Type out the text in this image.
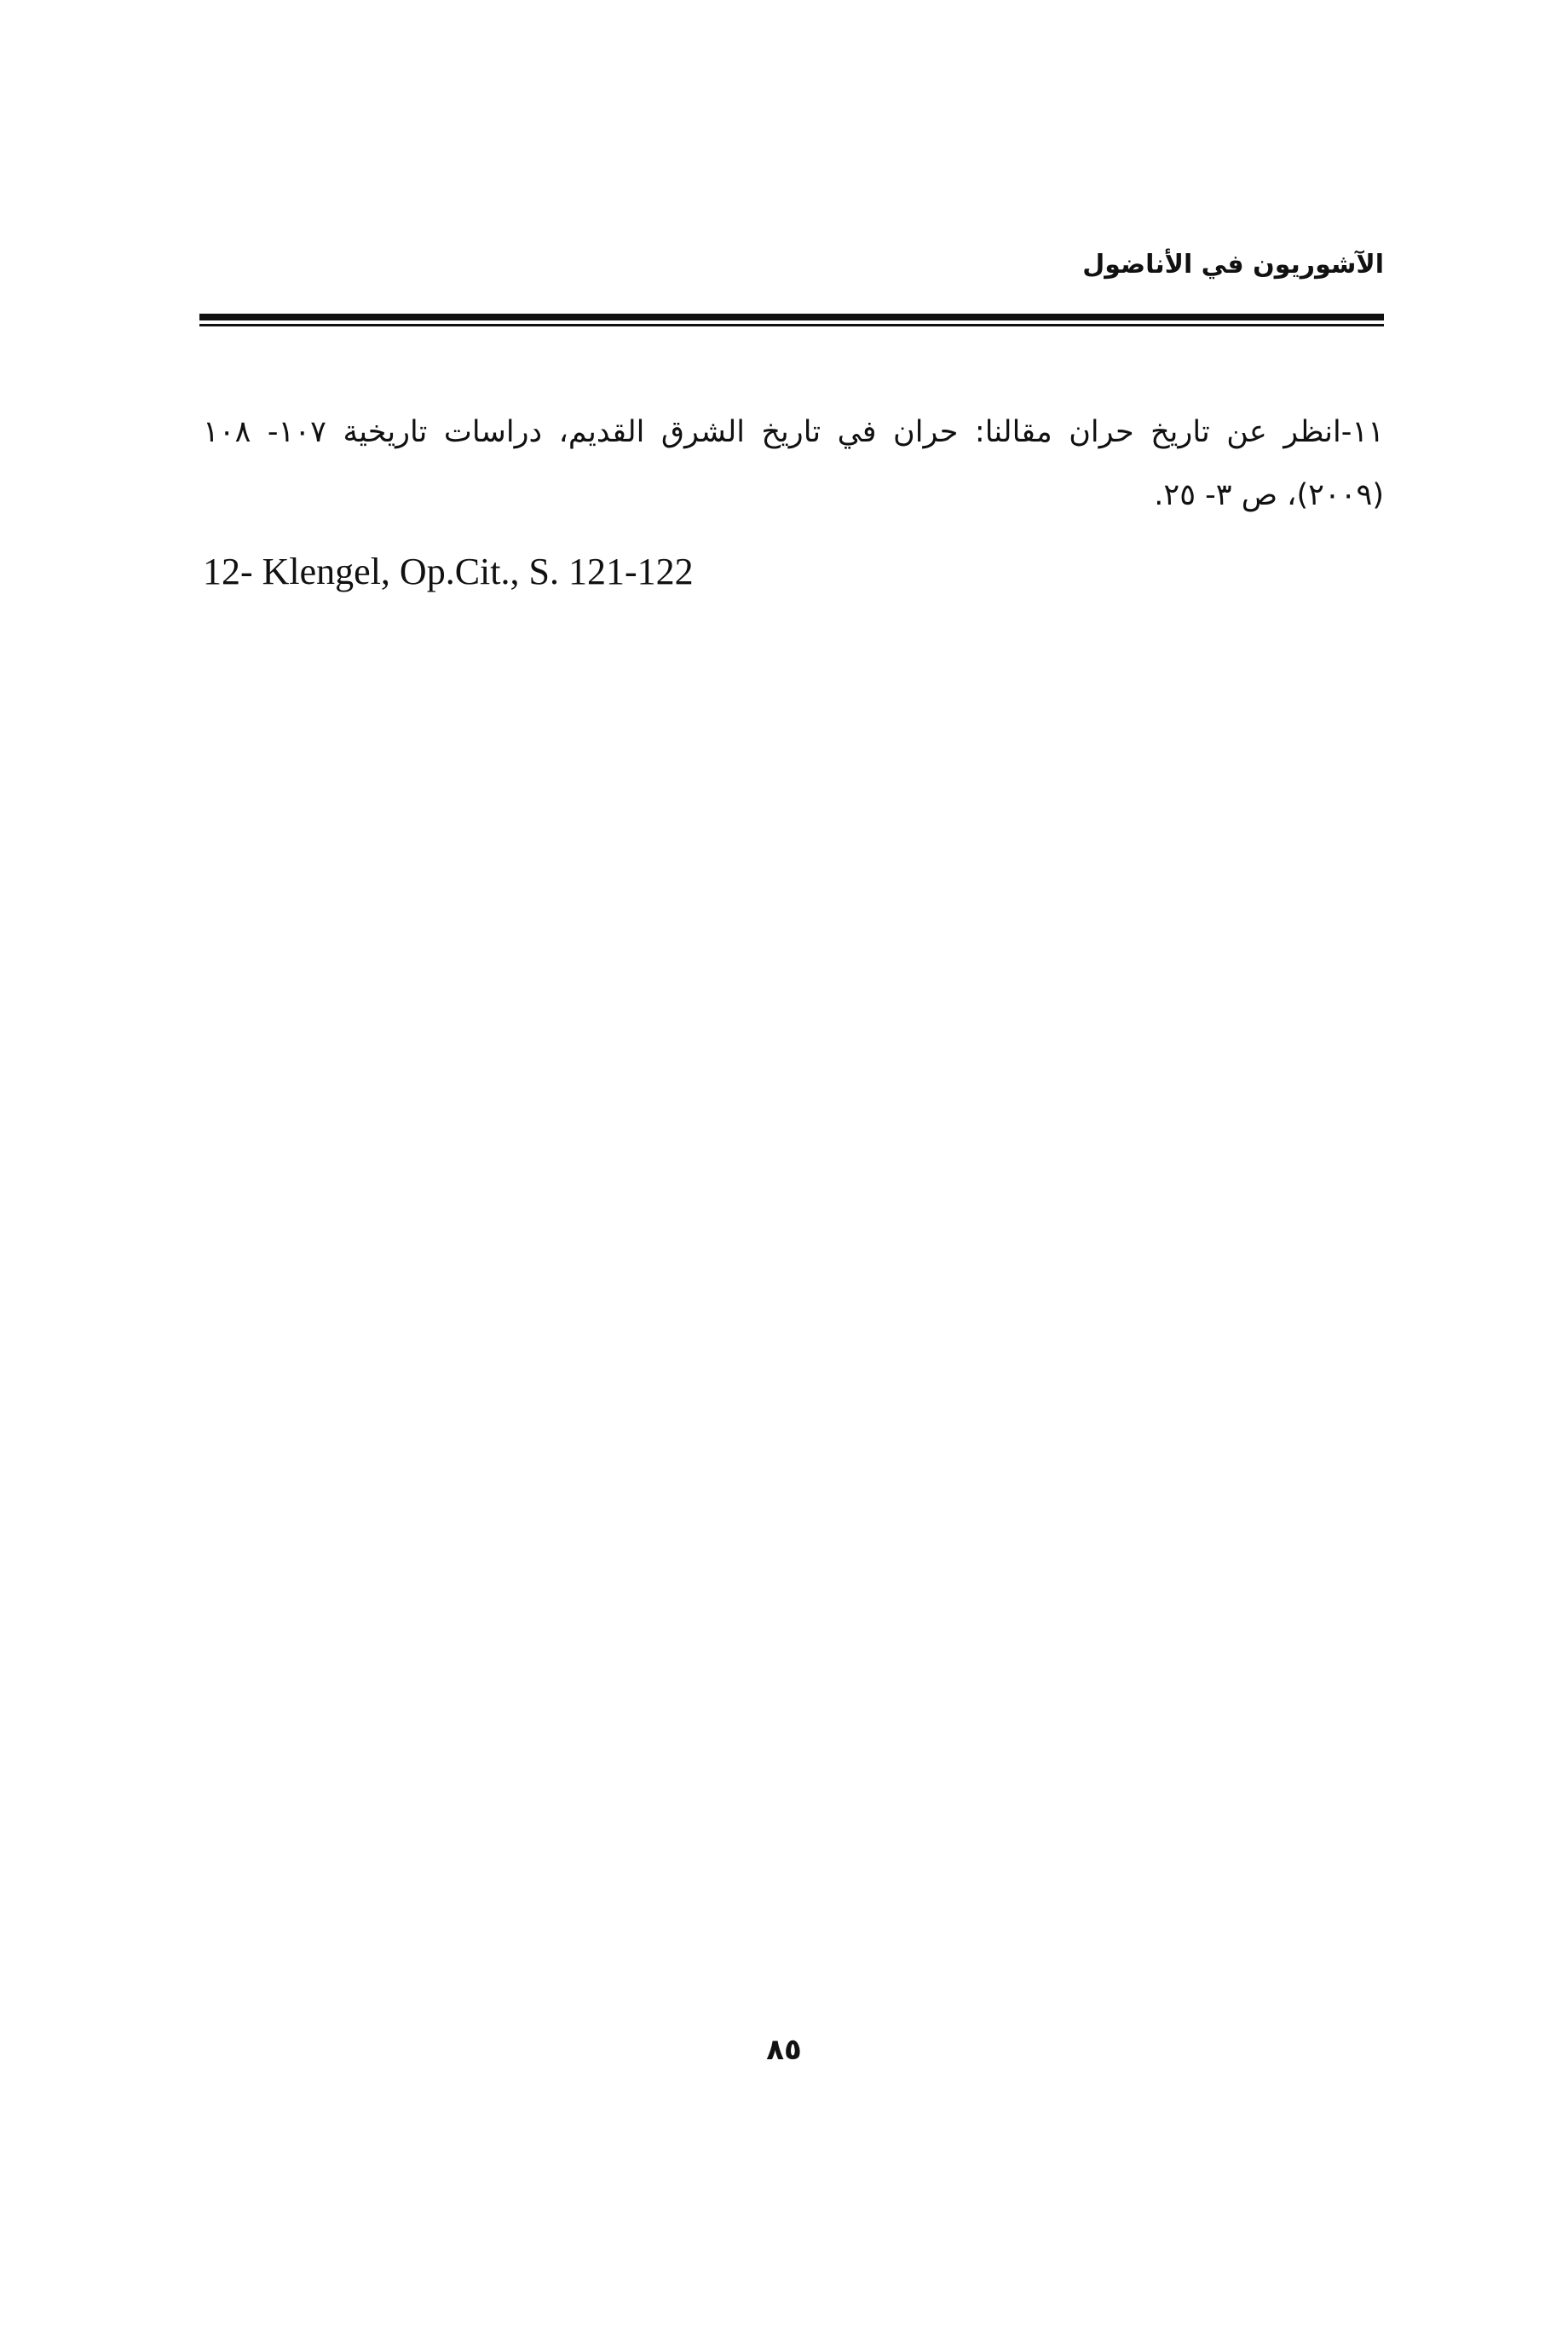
الآشوريون في الأناضول

١١-انظر عن تاريخ حران مقالنا: حران في تاريخ الشرق القديم، دراسات تاريخية ١٠٧- ١٠٨ (٢٠٠٩)، ص ٣- ٢٥.

12- Klengel, Op.Cit., S. 121-122

٨٥
